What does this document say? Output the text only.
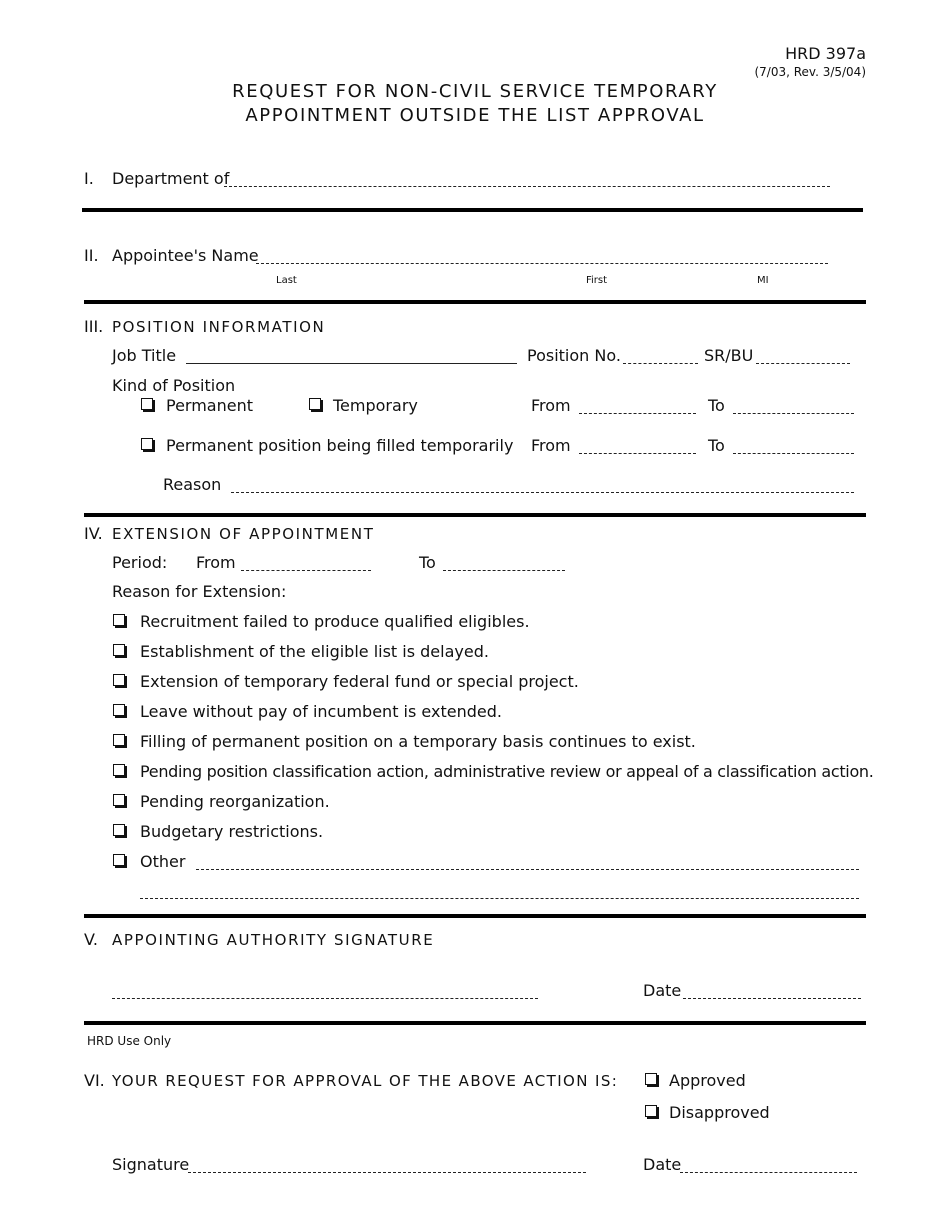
HRD 397a
(7/03, Rev. 3/5/04)
REQUEST FOR NON-CIVIL SERVICE TEMPORARY
APPOINTMENT OUTSIDE THE LIST APPROVAL
I. Department of
II. Appointee's Name
Last	First	MI
III. POSITION INFORMATION
Job Title	Position No.	SR/BU
Kind of Position
Permanent	Temporary	From	To
Permanent position being filled temporarily From	To
Reason
IV. EXTENSION OF APPOINTMENT
Period: From	To
Reason for Extension:
Recruitment failed to produce qualified eligibles.
Establishment of the eligible list is delayed.
Extension of temporary federal fund or special project.
Leave without pay of incumbent is extended.
Filling of permanent position on a temporary basis continues to exist.
Pending position classification action, administrative review or appeal of a classification action.
Pending reorganization.
Budgetary restrictions.
Other
V. APPOINTING AUTHORITY SIGNATURE
Date
HRD Use Only
VI. YOUR REQUEST FOR APPROVAL OF THE ABOVE ACTION IS:	Approved
Disapproved
Signature	Date
